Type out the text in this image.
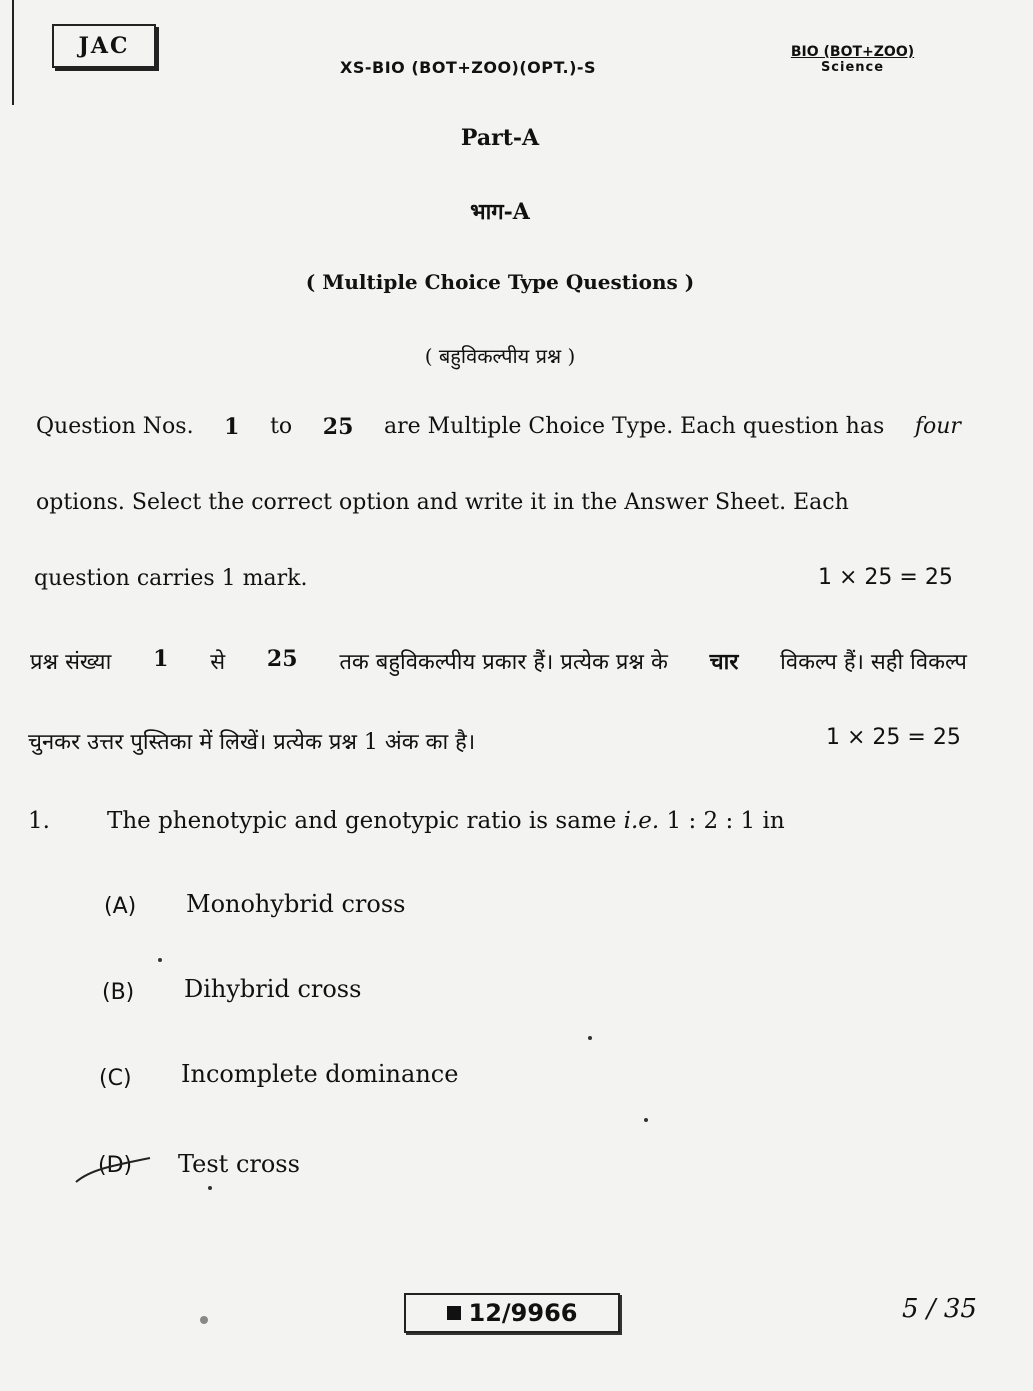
JAC
XS-BIO (BOT+ZOO)(OPT.)-S
BIO (BOT+ZOO)
Science
Part-A
भाग-A
( Multiple Choice Type Questions )
( बहुविकल्पीय प्रश्न )
Question Nos. 1 to 25 are Multiple Choice Type. Each question has four
options. Select the correct option and write it in the Answer Sheet. Each
question carries 1 mark.	1 × 25 = 25
प्रश्न संख्या 1 से 25 तक बहुविकल्पीय प्रकार हैं। प्रत्येक प्रश्न के चार विकल्प हैं। सही विकल्प
चुनकर उत्तर पुस्तिका में लिखें। प्रत्येक प्रश्न 1 अंक का है।	1 × 25 = 25
1. The phenotypic and genotypic ratio is same i.e. 1 : 2 : 1 in
(A) Monohybrid cross
(B) Dihybrid cross
(C) Incomplete dominance
(D) Test cross
12/9966	5 / 35
